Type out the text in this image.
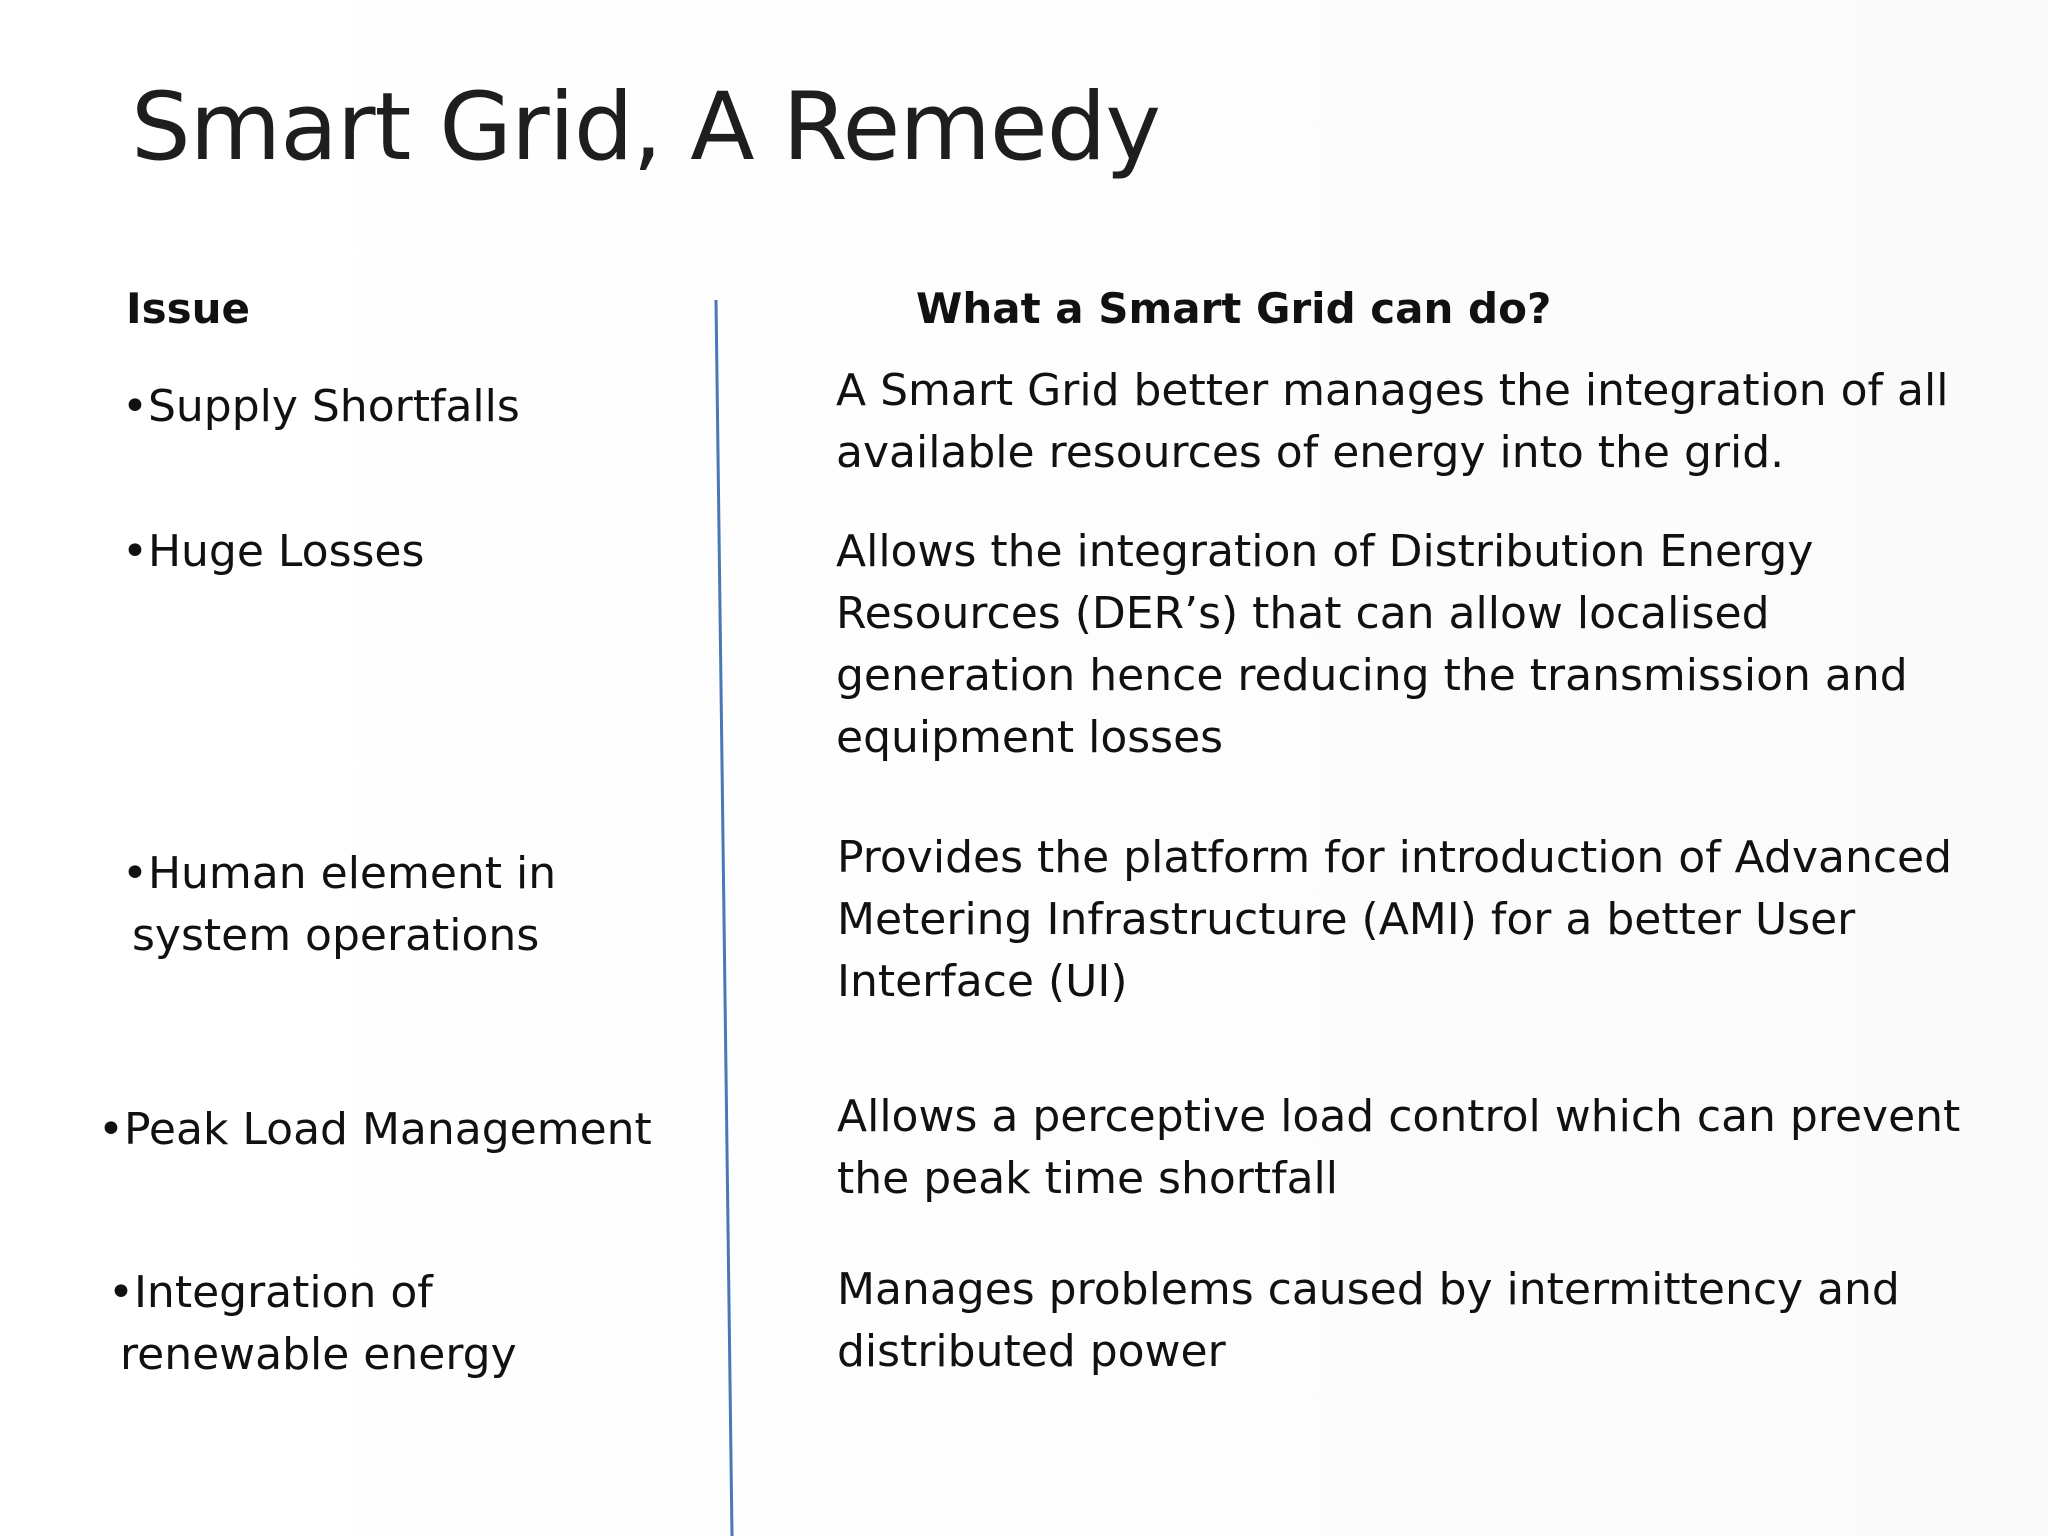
Smart Grid, A Remedy
Issue	What a Smart Grid can do?
•Supply Shortfalls
•Huge Losses
•Human element in
system operations
•Peak Load Management
•Integration of
renewable energy
A Smart Grid better manages the integration of all
available resources of energy into the grid.
Allows the integration of Distribution Energy
Resources (DER’s) that can allow localised
generation hence reducing the transmission and
equipment losses
Provides the platform for introduction of Advanced
Metering Infrastructure (AMI) for a better User
Interface (UI)
Allows a perceptive load control which can prevent
the peak time shortfall
Manages problems caused by intermittency and
distributed power
